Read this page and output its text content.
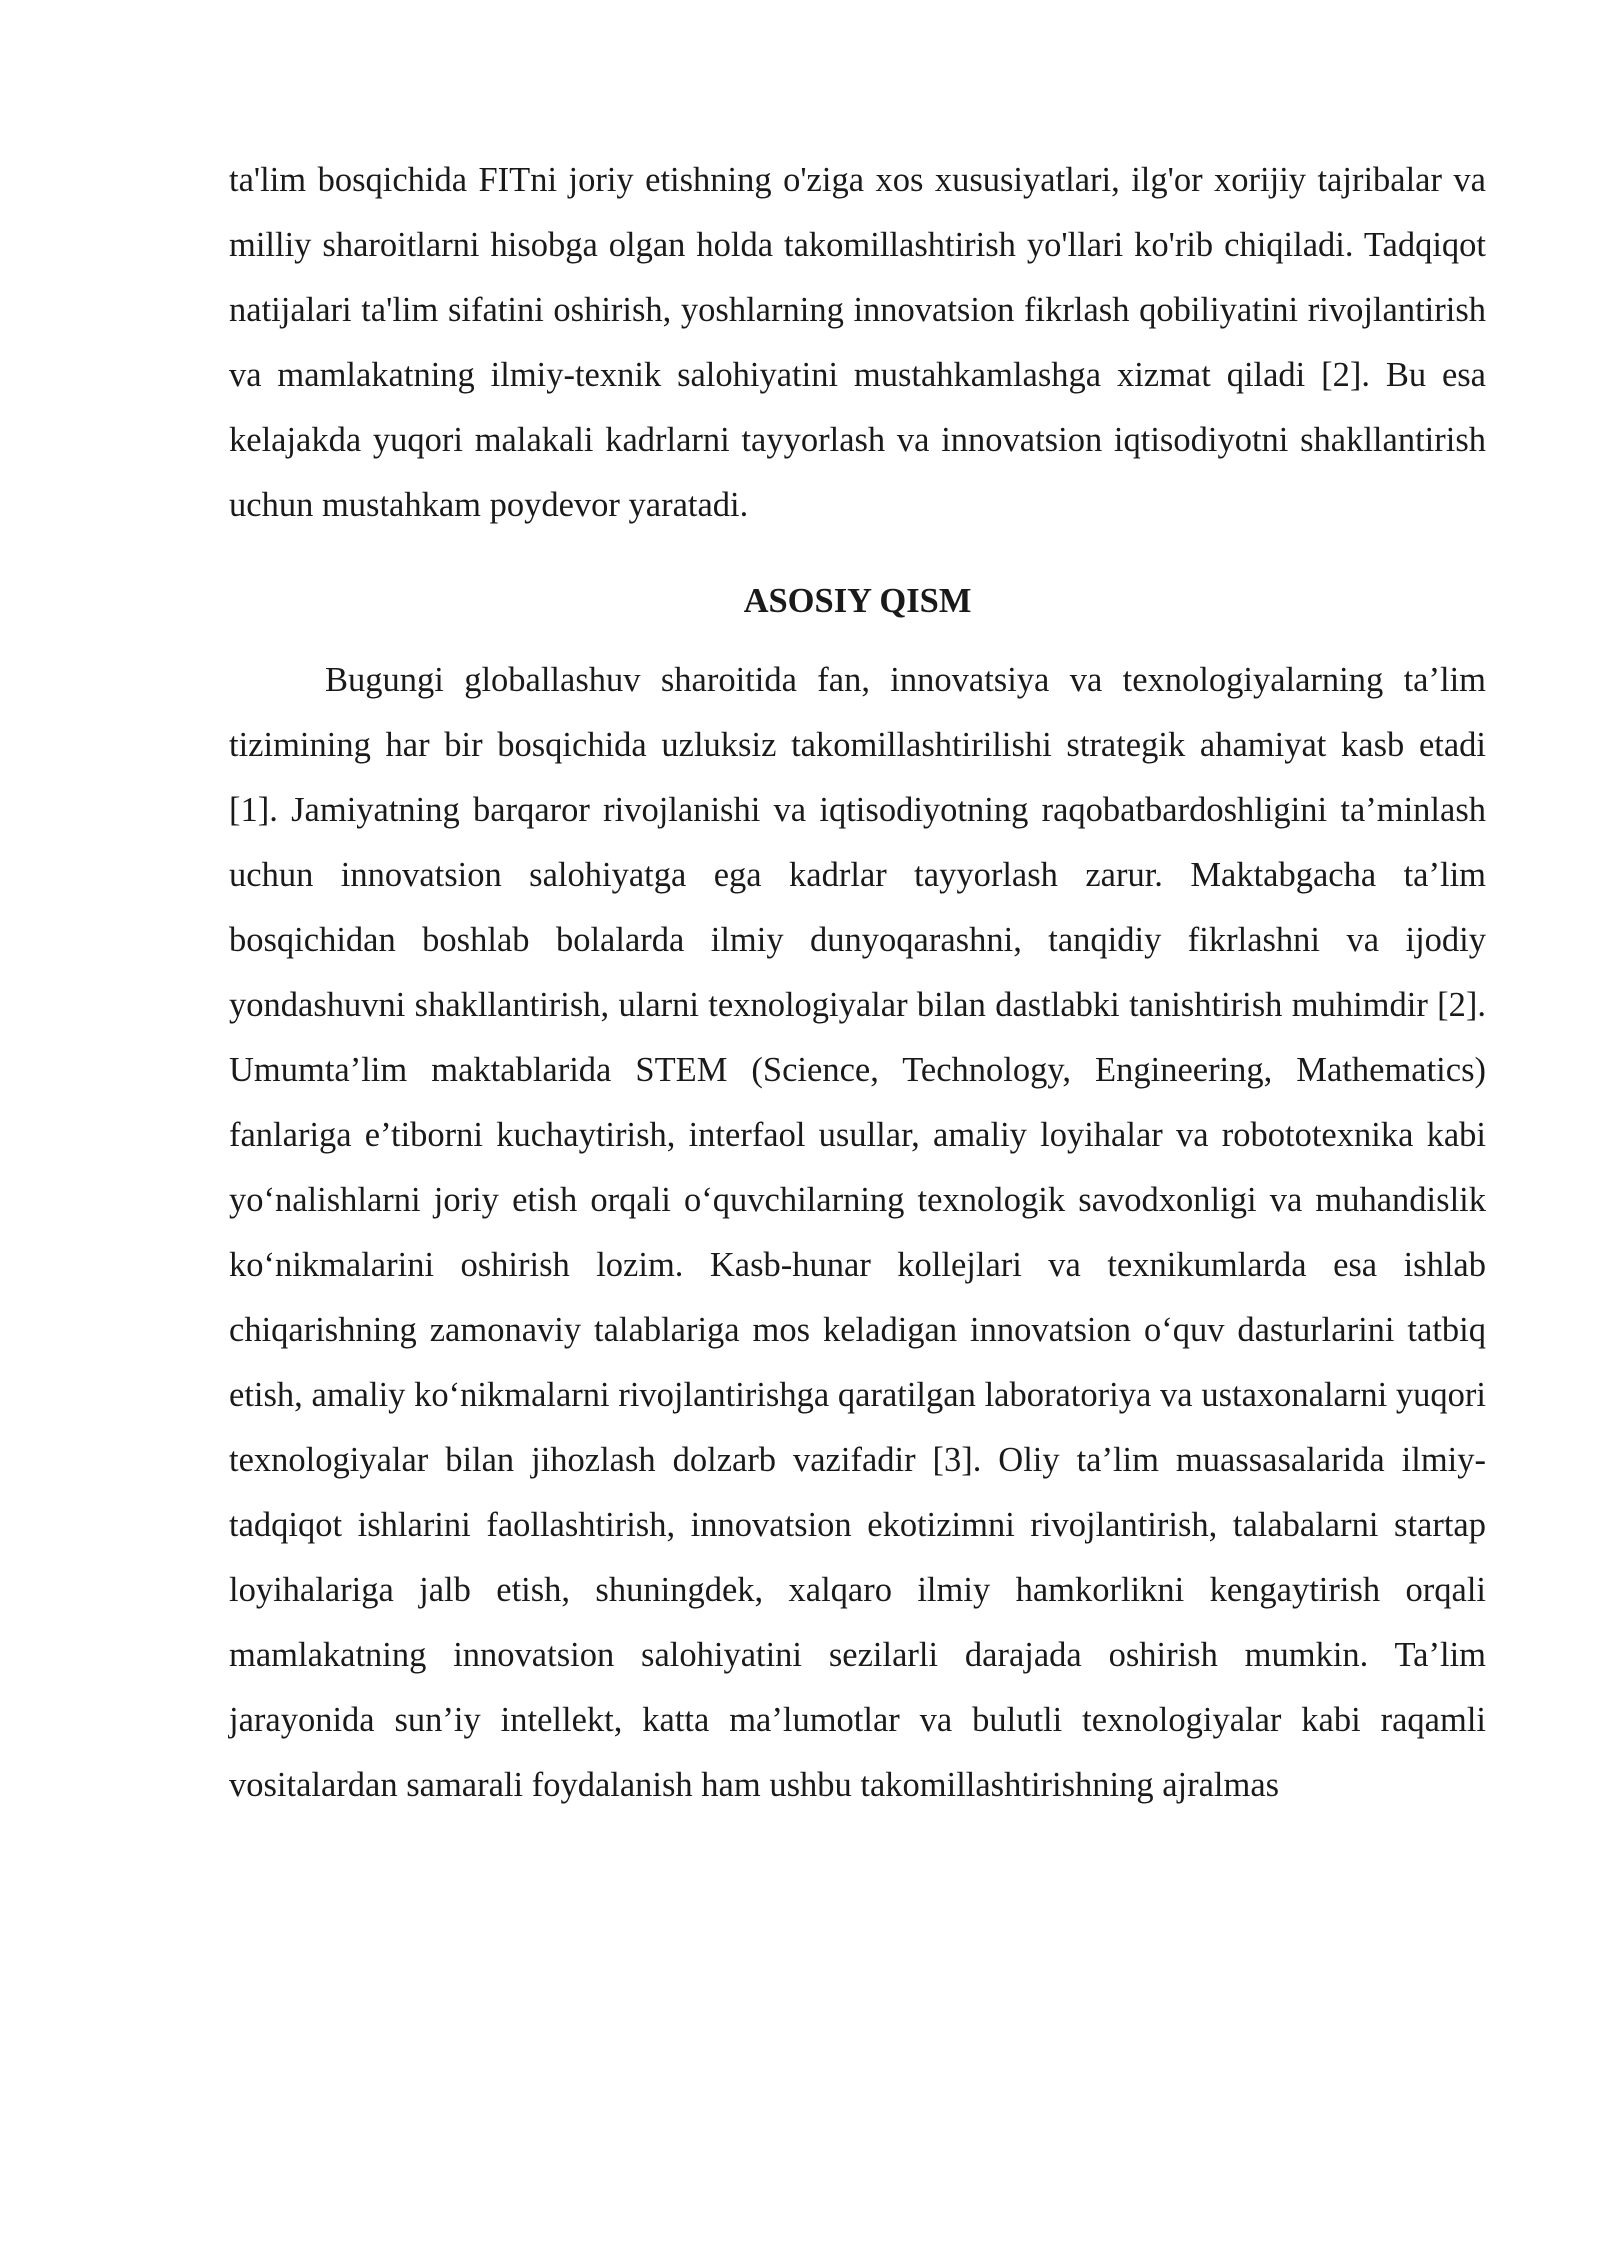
ta'lim bosqichida FITni joriy etishning o'ziga xos xususiyatlari, ilg'or xorijiy tajribalar va milliy sharoitlarni hisobga olgan holda takomillashtirish yo'llari ko'rib chiqiladi. Tadqiqot natijalari ta'lim sifatini oshirish, yoshlarning innovatsion fikrlash qobiliyatini rivojlantirish va mamlakatning ilmiy-texnik salohiyatini mustahkamlashga xizmat qiladi [2]. Bu esa kelajakda yuqori malakali kadrlarni tayyorlash va innovatsion iqtisodiyotni shakllantirish uchun mustahkam poydevor yaratadi.

ASOSIY QISM

Bugungi globallashuv sharoitida fan, innovatsiya va texnologiyalarning ta’lim tizimining har bir bosqichida uzluksiz takomillashtirilishi strategik ahamiyat kasb etadi [1]. Jamiyatning barqaror rivojlanishi va iqtisodiyotning raqobatbardoshligini ta’minlash uchun innovatsion salohiyatga ega kadrlar tayyorlash zarur. Maktabgacha ta’lim bosqichidan boshlab bolalarda ilmiy dunyoqarashni, tanqidiy fikrlashni va ijodiy yondashuvni shakllantirish, ularni texnologiyalar bilan dastlabki tanishtirish muhimdir [2]. Umumta’lim maktablarida STEM (Science, Technology, Engineering, Mathematics) fanlariga e’tiborni kuchaytirish, interfaol usullar, amaliy loyihalar va robototexnika kabi yo‘nalishlarni joriy etish orqali o‘quvchilarning texnologik savodxonligi va muhandislik ko‘nikmalarini oshirish lozim. Kasb-hunar kollejlari va texnikumlarda esa ishlab chiqarishning zamonaviy talablariga mos keladigan innovatsion o‘quv dasturlarini tatbiq etish, amaliy ko‘nikmalarni rivojlantirishga qaratilgan laboratoriya va ustaxonalarni yuqori texnologiyalar bilan jihozlash dolzarb vazifadir [3]. Oliy ta’lim muassasalarida ilmiy-tadqiqot ishlarini faollashtirish, innovatsion ekotizimni rivojlantirish, talabalarni startap loyihalariga jalb etish, shuningdek, xalqaro ilmiy hamkorlikni kengaytirish orqali mamlakatning innovatsion salohiyatini sezilarli darajada oshirish mumkin. Ta’lim jarayonida sun’iy intellekt, katta ma’lumotlar va bulutli texnologiyalar kabi raqamli vositalardan samarali foydalanish ham ushbu takomillashtirishning ajralmas
